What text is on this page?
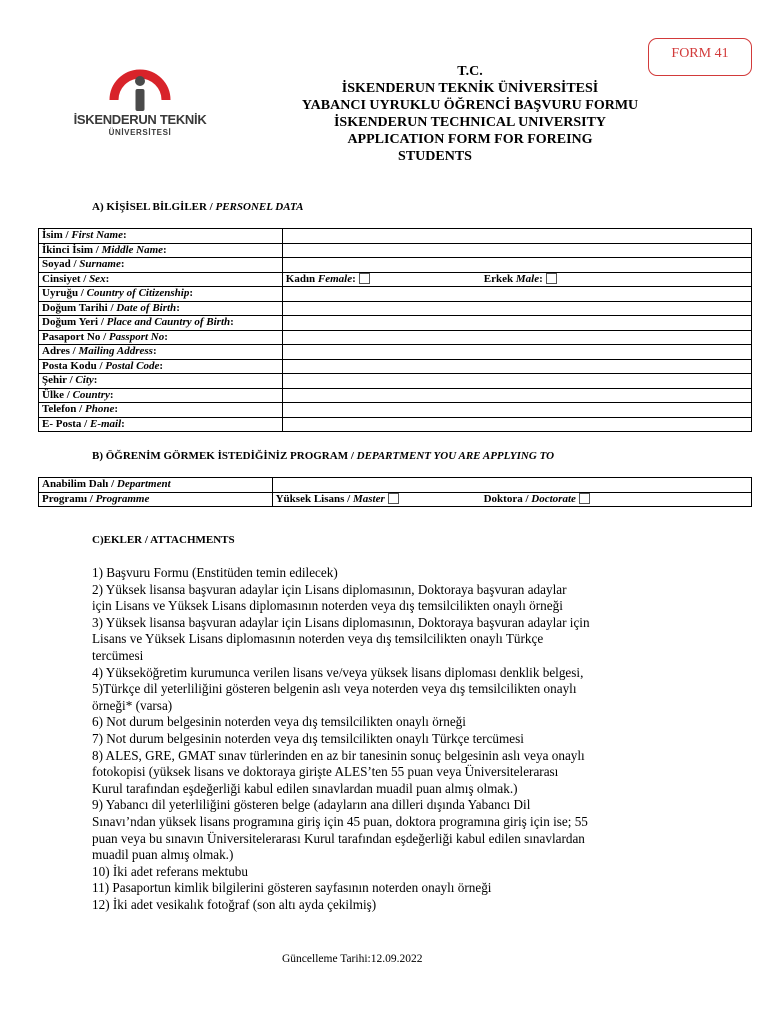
FORM 41
İSKENDERUN TEKNİK
ÜNİVERSİTESİ
T.C.
İSKENDERUN TEKNİK ÜNİVERSİTESİ
YABANCI UYRUKLU ÖĞRENCİ BAŞVURU FORMU
İSKENDERUN TECHNICAL UNIVERSITY
APPLICATION FORM FOR FOREING
STUDENTS
A) KİŞİSEL BİLGİLER / PERSONEL DATA
İsim / First Name:	
İkinci İsim / Middle Name:	
Soyad / Surname:	
Cinsiyet / Sex:	Kadın Female: Erkek Male:
Uyruğu / Country of Citizenship:	
Doğum Tarihi / Date of Birth:	
Doğum Yeri / Place and Cauntry of Birth:	
Pasaport No / Passport No:	
Adres / Mailing Address:	
Posta Kodu / Postal Code:	
Şehir / City:	
Ülke / Country:	
Telefon / Phone:	
E- Posta / E-mail:	
B) ÖĞRENİM GÖRMEK İSTEDİĞİNİZ PROGRAM / DEPARTMENT YOU ARE APPLYING TO
Anabilim Dalı / Department	
Programı / Programme	Yüksek Lisans / Master Doktora / Doctorate
C)EKLER / ATTACHMENTS
1) Başvuru Formu (Enstitüden temin edilecek)
2) Yüksek lisansa başvuran adaylar için Lisans diplomasının, Doktoraya başvuran adaylar
için Lisans ve Yüksek Lisans diplomasının noterden veya dış temsilcilikten onaylı örneği
3) Yüksek lisansa başvuran adaylar için Lisans diplomasının, Doktoraya başvuran adaylar için
Lisans ve Yüksek Lisans diplomasının noterden veya dış temsilcilikten onaylı Türkçe
tercümesi
4) Yükseköğretim kurumunca verilen lisans ve/veya yüksek lisans diploması denklik belgesi,
5)Türkçe dil yeterliliğini gösteren belgenin aslı veya noterden veya dış temsilcilikten onaylı
örneği* (varsa)
6) Not durum belgesinin noterden veya dış temsilcilikten onaylı örneği
7) Not durum belgesinin noterden veya dış temsilcilikten onaylı Türkçe tercümesi
8) ALES, GRE, GMAT sınav türlerinden en az bir tanesinin sonuç belgesinin aslı veya onaylı
fotokopisi (yüksek lisans ve doktoraya girişte ALES’ten 55 puan veya Üniversitelerarası
Kurul tarafından eşdeğerliği kabul edilen sınavlardan muadil puan almış olmak.)
9) Yabancı dil yeterliliğini gösteren belge (adayların ana dilleri dışında Yabancı Dil
Sınavı’ndan yüksek lisans programına giriş için 45 puan, doktora programına giriş için ise; 55
puan veya bu sınavın Üniversitelerarası Kurul tarafından eşdeğerliği kabul edilen sınavlardan
muadil puan almış olmak.)
10) İki adet referans mektubu
11) Pasaportun kimlik bilgilerini gösteren sayfasının noterden onaylı örneği
12) İki adet vesikalık fotoğraf (son altı ayda çekilmiş)
Güncelleme Tarihi:12.09.2022
